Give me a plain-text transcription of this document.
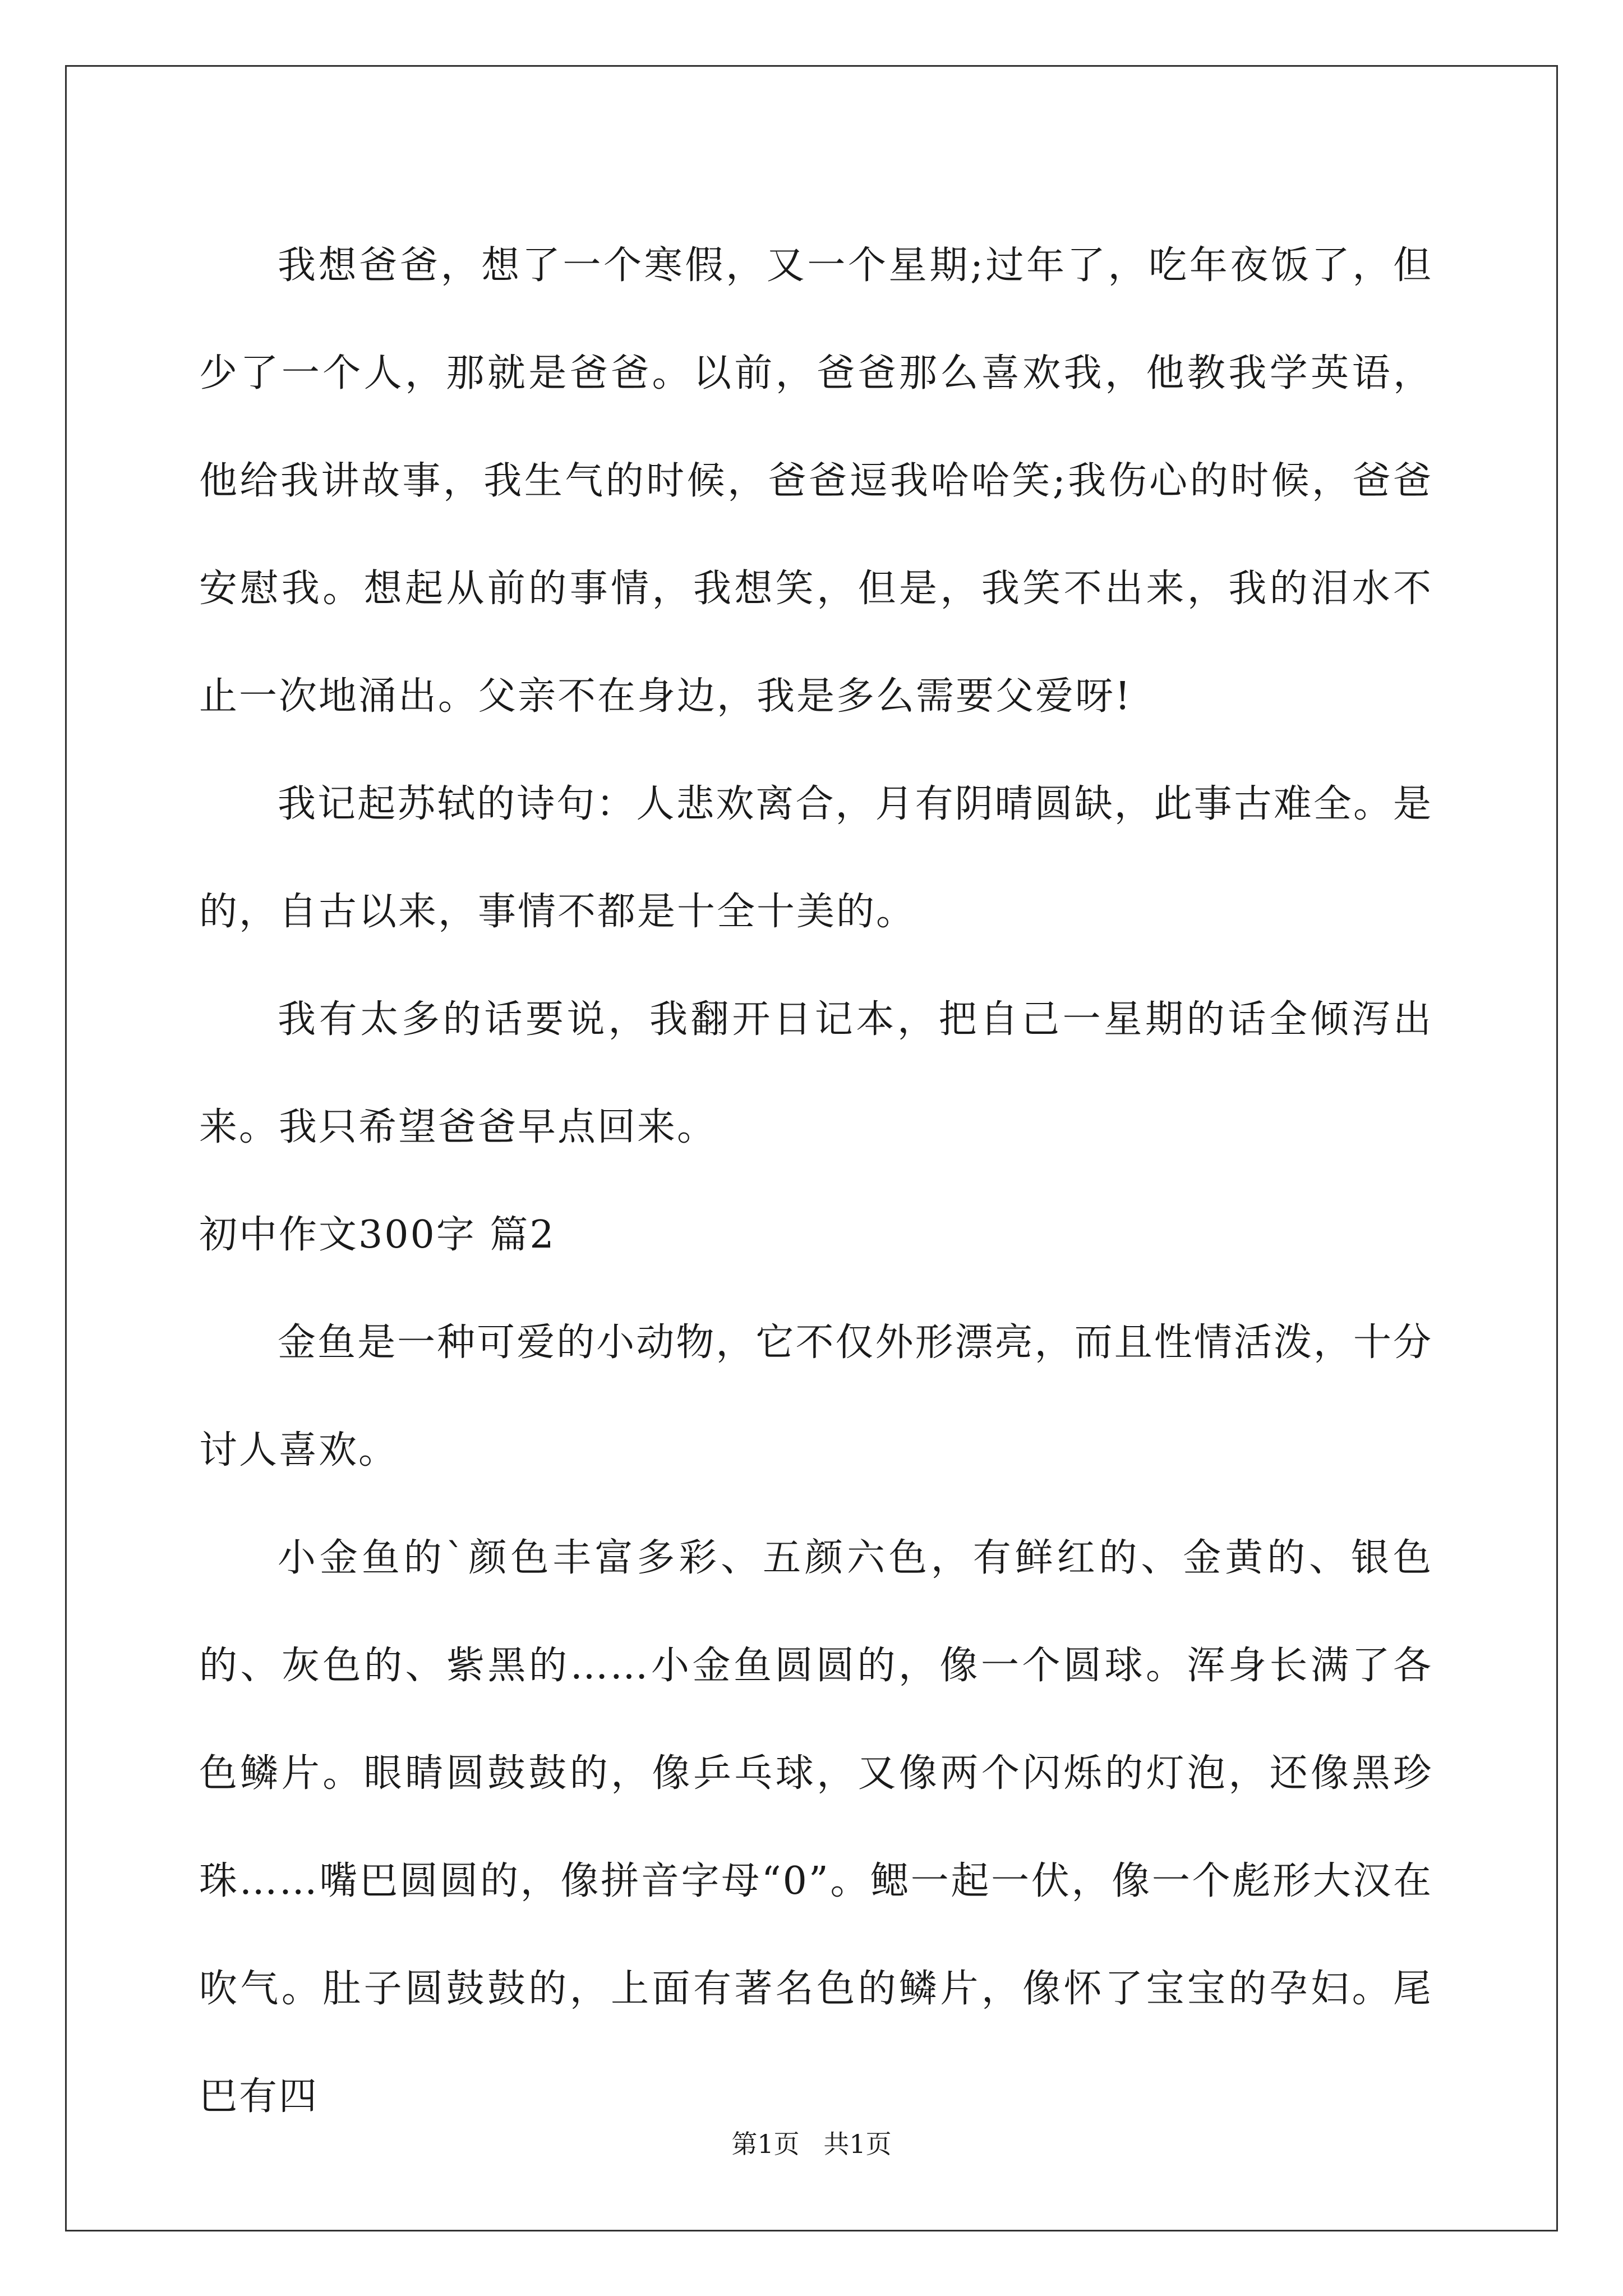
我想爸爸，想了一个寒假，又一个星期;过年了，吃年夜饭了，但少了一个人，那就是爸爸。以前，爸爸那么喜欢我，他教我学英语，他给我讲故事，我生气的时候，爸爸逗我哈哈笑;我伤心的时候，爸爸安慰我。想起从前的事情，我想笑，但是，我笑不出来，我的泪水不止一次地涌出。父亲不在身边，我是多么需要父爱呀!

我记起苏轼的诗句：人悲欢离合，月有阴晴圆缺，此事古难全。是的，自古以来，事情不都是十全十美的。

我有太多的话要说，我翻开日记本，把自己一星期的话全倾泻出来。我只希望爸爸早点回来。

初中作文300字 篇2

金鱼是一种可爱的小动物，它不仅外形漂亮，而且性情活泼，十分讨人喜欢。

小金鱼的`颜色丰富多彩、五颜六色，有鲜红的、金黄的、银色的、灰色的、紫黑的……小金鱼圆圆的，像一个圆球。浑身长满了各色鳞片。眼睛圆鼓鼓的，像乒乓球，又像两个闪烁的灯泡，还像黑珍珠……嘴巴圆圆的，像拼音字母“0”。鳃一起一伏，像一个彪形大汉在吹气。肚子圆鼓鼓的，上面有著名色的鳞片，像怀了宝宝的孕妇。尾巴有四

第1页 共1页
